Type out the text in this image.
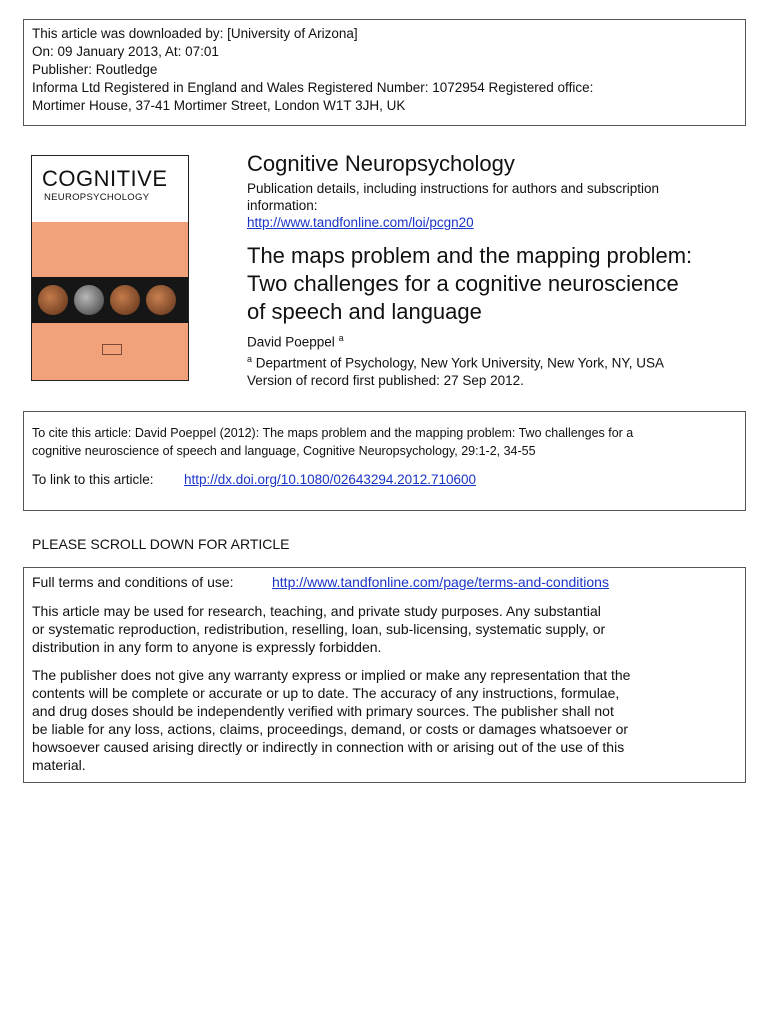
This article was downloaded by: [University of Arizona]
On: 09 January 2013, At: 07:01
Publisher: Routledge
Informa Ltd Registered in England and Wales Registered Number: 1072954 Registered office:
Mortimer House, 37-41 Mortimer Street, London W1T 3JH, UK
COGNITIVE
NEUROPSYCHOLOGY
Cognitive Neuropsychology
Publication details, including instructions for authors and subscription
information:
http://www.tandfonline.com/loi/pcgn20
The maps problem and the mapping problem:
Two challenges for a cognitive neuroscience
of speech and language
David Poeppel $^a$
$^a$ Department of Psychology, New York University, New York, NY, USA
Version of record first published: 27 Sep 2012.
To cite this article: David Poeppel (2012): The maps problem and the mapping problem: Two challenges for a
cognitive neuroscience of speech and language, Cognitive Neuropsychology, 29:1-2, 34-55
To link to this article: http://dx.doi.org/10.1080/02643294.2012.710600
PLEASE SCROLL DOWN FOR ARTICLE
Full terms and conditions of use:	http://www.tandfonline.com/page/terms-and-conditions
This article may be used for research, teaching, and private study purposes. Any substantial
or systematic reproduction, redistribution, reselling, loan, sub-licensing, systematic supply, or
distribution in any form to anyone is expressly forbidden.
The publisher does not give any warranty express or implied or make any representation that the
contents will be complete or accurate or up to date. The accuracy of any instructions, formulae,
and drug doses should be independently verified with primary sources. The publisher shall not
be liable for any loss, actions, claims, proceedings, demand, or costs or damages whatsoever or
howsoever caused arising directly or indirectly in connection with or arising out of the use of this
material.
